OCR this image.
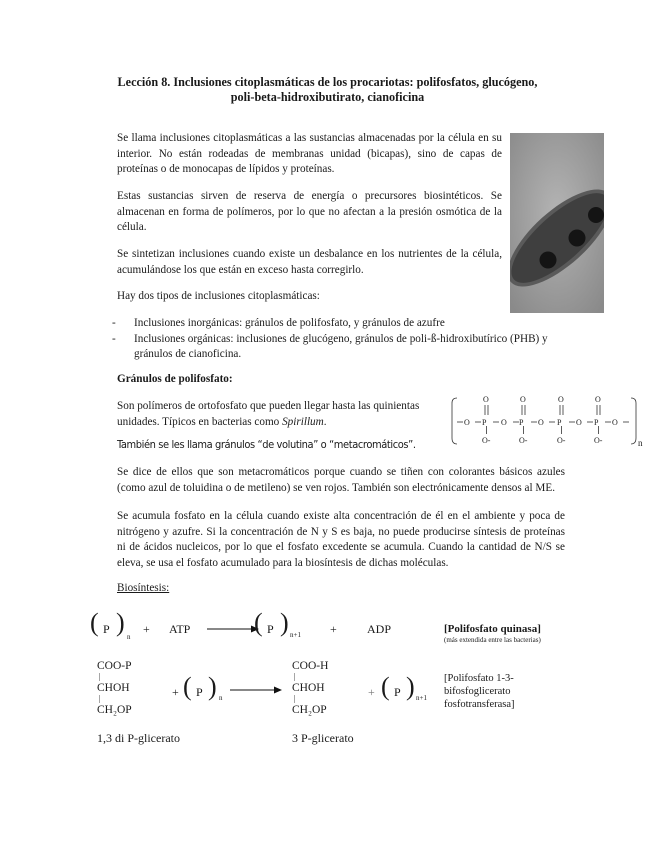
Lección 8. Inclusiones citoplasmáticas de los procariotas: polifosfatos, glucógeno,
poli-beta-hidroxibutirato, cianoficina
Se llama inclusiones citoplasmáticas a las sustancias almacenadas por la célula en su interior. No están rodeadas de membranas unidad (bicapas), sino de capas de proteínas o de monocapas de lípidos y proteínas.
Estas sustancias sirven de reserva de energía o precursores biosintéticos. Se almacenan en forma de polímeros, por lo que no afectan a la presión osmótica de la célula.
Se sintetizan inclusiones cuando existe un desbalance en los nutrientes de la célula, acumulándose los que están en exceso hasta corregirlo.
Hay dos tipos de inclusiones citoplasmáticas:
-	Inclusiones inorgánicas: gránulos de polifosfato, y gránulos de azufre
-	Inclusiones orgánicas: inclusiones de glucógeno, gránulos de poli-ß-hidroxibutírico (PHB) y gránulos de cianoficina.
Gránulos de polifosfato:
Son polímeros de ortofosfato que pueden llegar hasta las quinientas unidades. Típicos en bacterias como Spirillum.
También se les llama gránulos “de volutina” o “metacromáticos”.
O	O	O	O
O P O P O P O P O
O-	O-	O-	O-	n
Se dice de ellos que son metacromáticos porque cuando se tiñen con colorantes básicos azules (como azul de toluidina o de metileno) se ven rojos. También son electrónicamente densos al ME.
Se acumula fosfato en la célula cuando existe alta concentración de él en el ambiente y poca de nitrógeno y azufre. Si la concentración de N y S es baja, no puede producirse síntesis de proteínas ni de ácidos nucleicos, por lo que el fosfato excedente se acumula. Cuando la cantidad de N/S se eleva, se usa el fosfato acumulado para la biosíntesis de dichas moléculas.
Biosíntesis:
( P ) n
+ ATP →
( P ) n+1 +	ADP	[Polifosfato quinasa]
(más extendida entre las bacterias)
COO-P
|
CHOH
|
CH₂OP
+ ( P ) n
COO-H
|
CHOH
|
CH₂OP
+ ( P ) n+1
[Polifosfato 1-3-bifosfoglicerato fosfotransferasa]
1,3 di P-glicerato	3 P-glicerato
